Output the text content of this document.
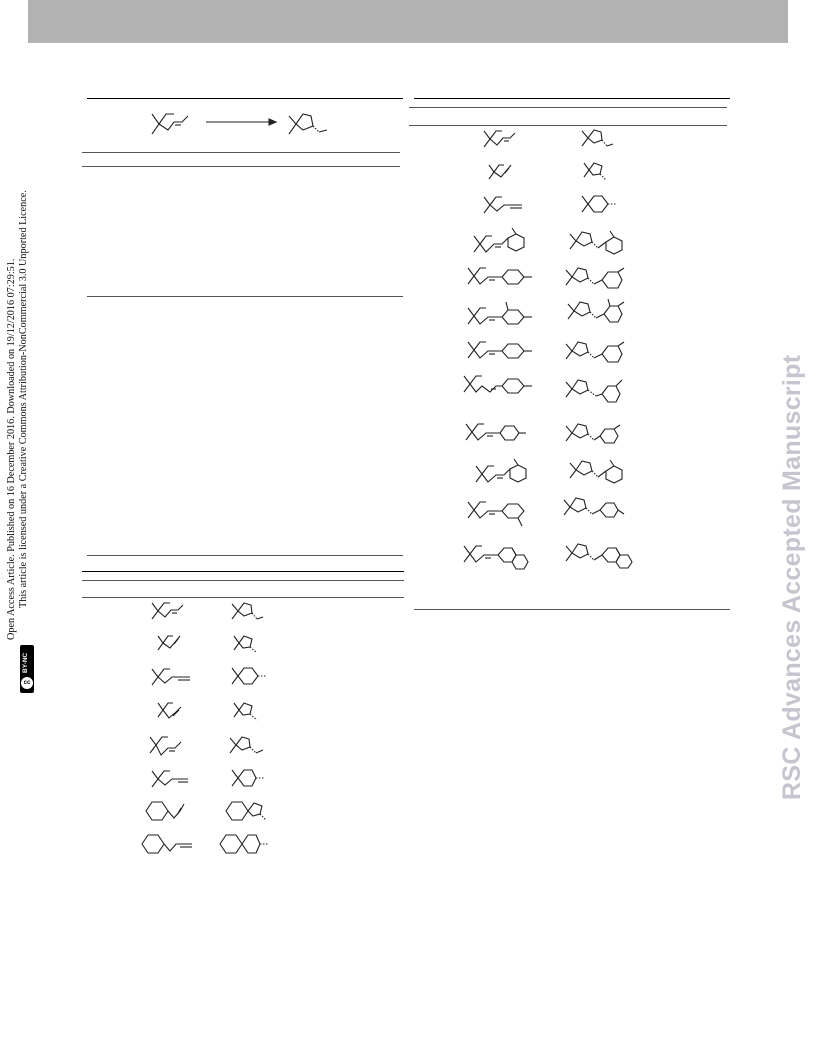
Open Access Article. Published on 16 December 2016. Downloaded on 19/12/2016 07:29:51. This article is licensed under a Creative Commons Attribution-NonCommercial 3.0 Unported Licence.
BY-NC
cc	RSC Advances Accepted Manuscript
